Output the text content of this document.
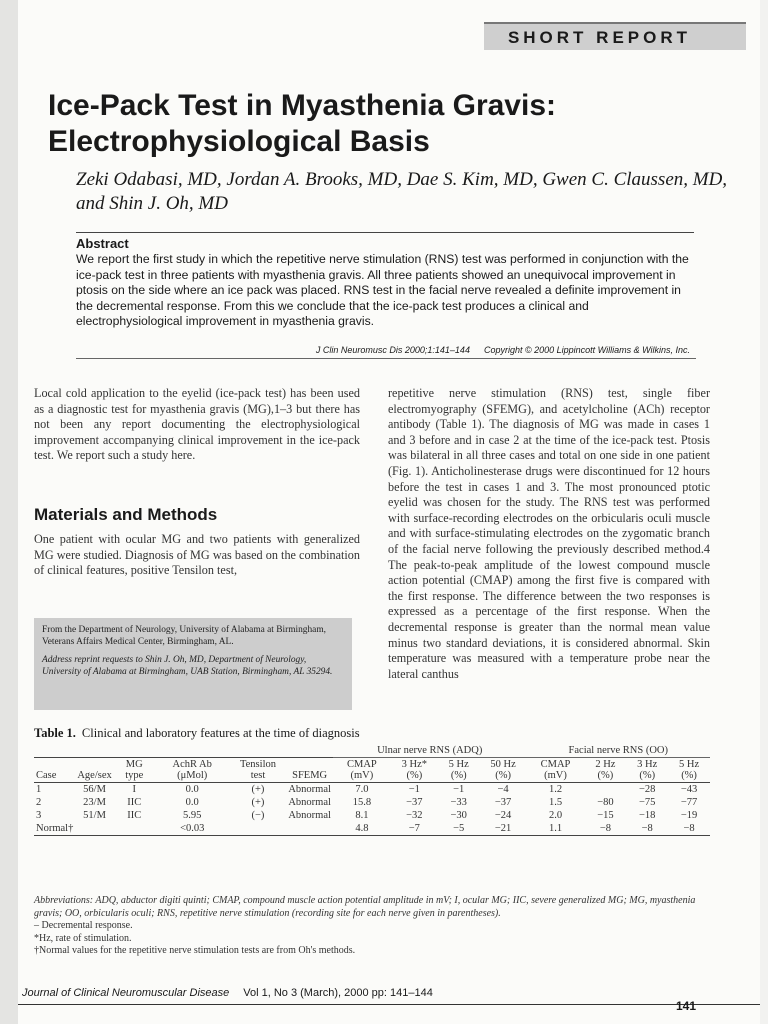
SHORT REPORT
Ice-Pack Test in Myasthenia Gravis: Electrophysiological Basis
Zeki Odabasi, MD, Jordan A. Brooks, MD, Dae S. Kim, MD, Gwen C. Claussen, MD, and Shin J. Oh, MD
Abstract

We report the first study in which the repetitive nerve stimulation (RNS) test was performed in conjunction with the ice-pack test in three patients with myasthenia gravis. All three patients showed an unequivocal improvement in ptosis on the side where an ice pack was placed. RNS test in the facial nerve revealed a definite improvement in the decremental response. From this we conclude that the ice-pack test produces a clinical and electrophysiological improvement in myasthenia gravis.

J Clin Neuromusc Dis 2000;1:141–144 Copyright © 2000 Lippincott Williams & Wilkins, Inc.

Local cold application to the eyelid (ice-pack test) has been used as a diagnostic test for myasthenia gravis (MG),1–3 but there has not been any report documenting the electrophysiological improvement accompanying clinical improvement in the ice-pack test. We report such a study here.

Materials and Methods

One patient with ocular MG and two patients with generalized MG were studied. Diagnosis of MG was based on the combination of clinical features, positive Tensilon test,

repetitive nerve stimulation (RNS) test, single fiber electromyography (SFEMG), and acetylcholine (ACh) receptor antibody (Table 1). The diagnosis of MG was made in cases 1 and 3 before and in case 2 at the time of the ice-pack test. Ptosis was bilateral in all three cases and total on one side in one patient (Fig. 1). Anticholinesterase drugs were discontinued for 12 hours before the test in cases 1 and 3. The most pronounced ptotic eyelid was chosen for the study. The RNS test was performed with surface-recording electrodes on the orbicularis oculi muscle and with surface-stimulating electrodes on the zygomatic branch of the facial nerve following the previously described method.4 The peak-to-peak amplitude of the lowest compound muscle action potential (CMAP) among the first five is compared with the first response. The difference between the two responses is expressed as a percentage of the first response. When the decremental response is greater than the normal mean value minus two standard deviations, it is considered abnormal. Skin temperature was measured with a temperature probe near the lateral canthus

From the Department of Neurology, University of Alabama at Birmingham, Veterans Affairs Medical Center, Birmingham, AL.
Address reprint requests to Shin J. Oh, MD, Department of Neurology, University of Alabama at Birmingham, UAB Station, Birmingham, AL 35294.
Table 1. Clinical and laboratory features at the time of diagnosis
						Ulnar nerve RNS (ADQ)				Facial nerve RNS (OO)			
Case	Age/sex	MG type	AchR Ab (μMol)	Tensilon test	SFEMG	CMAP (mV)	3 Hz* (%)	5 Hz (%)	50 Hz (%)	CMAP (mV)	2 Hz (%)	3 Hz (%)	5 Hz (%)
1	56/M	I	0.0	(+)	Abnormal	7.0	−1	−1	−4	1.2		−28	−43
2	23/M	IIC	0.0	(+)	Abnormal	15.8	−37	−33	−37	1.5	−80	−75	−77
3	51/M	IIC	5.95	(−)	Abnormal	8.1	−32	−30	−24	2.0	−15	−18	−19
Normal†			<0.03			4.8	−7	−5	−21	1.1	−8	−8	−8
Abbreviations: ADQ, abductor digiti quinti; CMAP, compound muscle action potential amplitude in mV; I, ocular MG; IIC, severe generalized MG; MG, myasthenia gravis; OO, orbicularis oculi; RNS, repetitive nerve stimulation (recording site for each nerve given in parentheses).
– Decremental response.
*Hz, rate of stimulation.
†Normal values for the repetitive nerve stimulation tests are from Oh's methods.
Journal of Clinical Neuromuscular Disease Vol 1, No 3 (March), 2000 pp: 141–144
141
